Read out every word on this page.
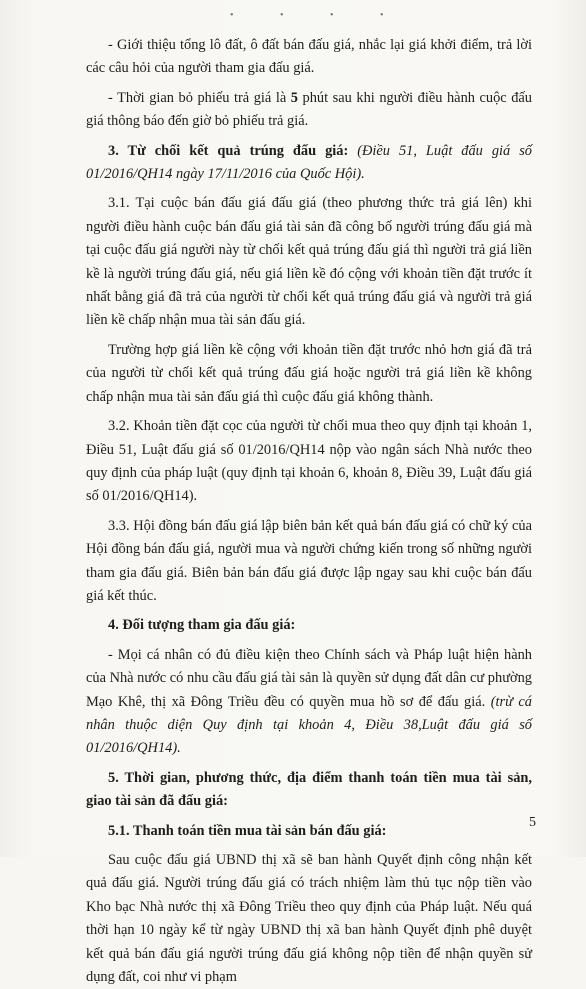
• • • •

- Giới thiệu tổng lô đất, ô đất bán đấu giá, nhắc lại giá khởi điểm, trả lời các câu hỏi của người tham gia đấu giá.

- Thời gian bỏ phiếu trả giá là 5 phút sau khi người điều hành cuộc đấu giá thông báo đến giờ bỏ phiếu trả giá.

3. Từ chối kết quả trúng đấu giá: (Điều 51, Luật đấu giá số 01/2016/QH14 ngày 17/11/2016 của Quốc Hội).

3.1. Tại cuộc bán đấu giá đấu giá (theo phương thức trả giá lên) khi người điều hành cuộc bán đấu giá tài sản đã công bố người trúng đấu giá mà tại cuộc đấu giá người này từ chối kết quả trúng đấu giá thì người trả giá liền kề là người trúng đấu giá, nếu giá liền kề đó cộng với khoản tiền đặt trước ít nhất bằng giá đã trả của người từ chối kết quả trúng đấu giá và người trả giá liền kề chấp nhận mua tài sản đấu giá.

Trường hợp giá liền kề cộng với khoản tiền đặt trước nhỏ hơn giá đã trả của người từ chối kết quả trúng đấu giá hoặc người trả giá liền kề không chấp nhận mua tài sản đấu giá thì cuộc đấu giá không thành.

3.2. Khoản tiền đặt cọc của người từ chối mua theo quy định tại khoản 1, Điều 51, Luật đấu giá số 01/2016/QH14 nộp vào ngân sách Nhà nước theo quy định của pháp luật (quy định tại khoản 6, khoản 8, Điều 39, Luật đấu giá số 01/2016/QH14).

3.3. Hội đồng bán đấu giá lập biên bản kết quả bán đấu giá có chữ ký của Hội đồng bán đấu giá, người mua và người chứng kiến trong số những người tham gia đấu giá. Biên bản bán đấu giá được lập ngay sau khi cuộc bán đấu giá kết thúc.

4. Đối tượng tham gia đấu giá:

- Mọi cá nhân có đủ điều kiện theo Chính sách và Pháp luật hiện hành của Nhà nước có nhu cầu đấu giá tài sản là quyền sử dụng đất dân cư phường Mạo Khê, thị xã Đông Triều đều có quyền mua hồ sơ để đấu giá. (trừ cá nhân thuộc diện Quy định tại khoản 4, Điều 38,Luật đấu giá số 01/2016/QH14).

5. Thời gian, phương thức, địa điểm thanh toán tiền mua tài sản, giao tài sản đã đấu giá:

5.1. Thanh toán tiền mua tài sản bán đấu giá:

Sau cuộc đấu giá UBND thị xã sẽ ban hành Quyết định công nhận kết quả đấu giá. Người trúng đấu giá có trách nhiệm làm thủ tục nộp tiền vào Kho bạc Nhà nước thị xã Đông Triều theo quy định của Pháp luật. Nếu quá thời hạn 10 ngày kể từ ngày UBND thị xã ban hành Quyết định phê duyệt kết quả bán đấu giá người trúng đấu giá không nộp tiền để nhận quyền sử dụng đất, coi như vi phạm

5
